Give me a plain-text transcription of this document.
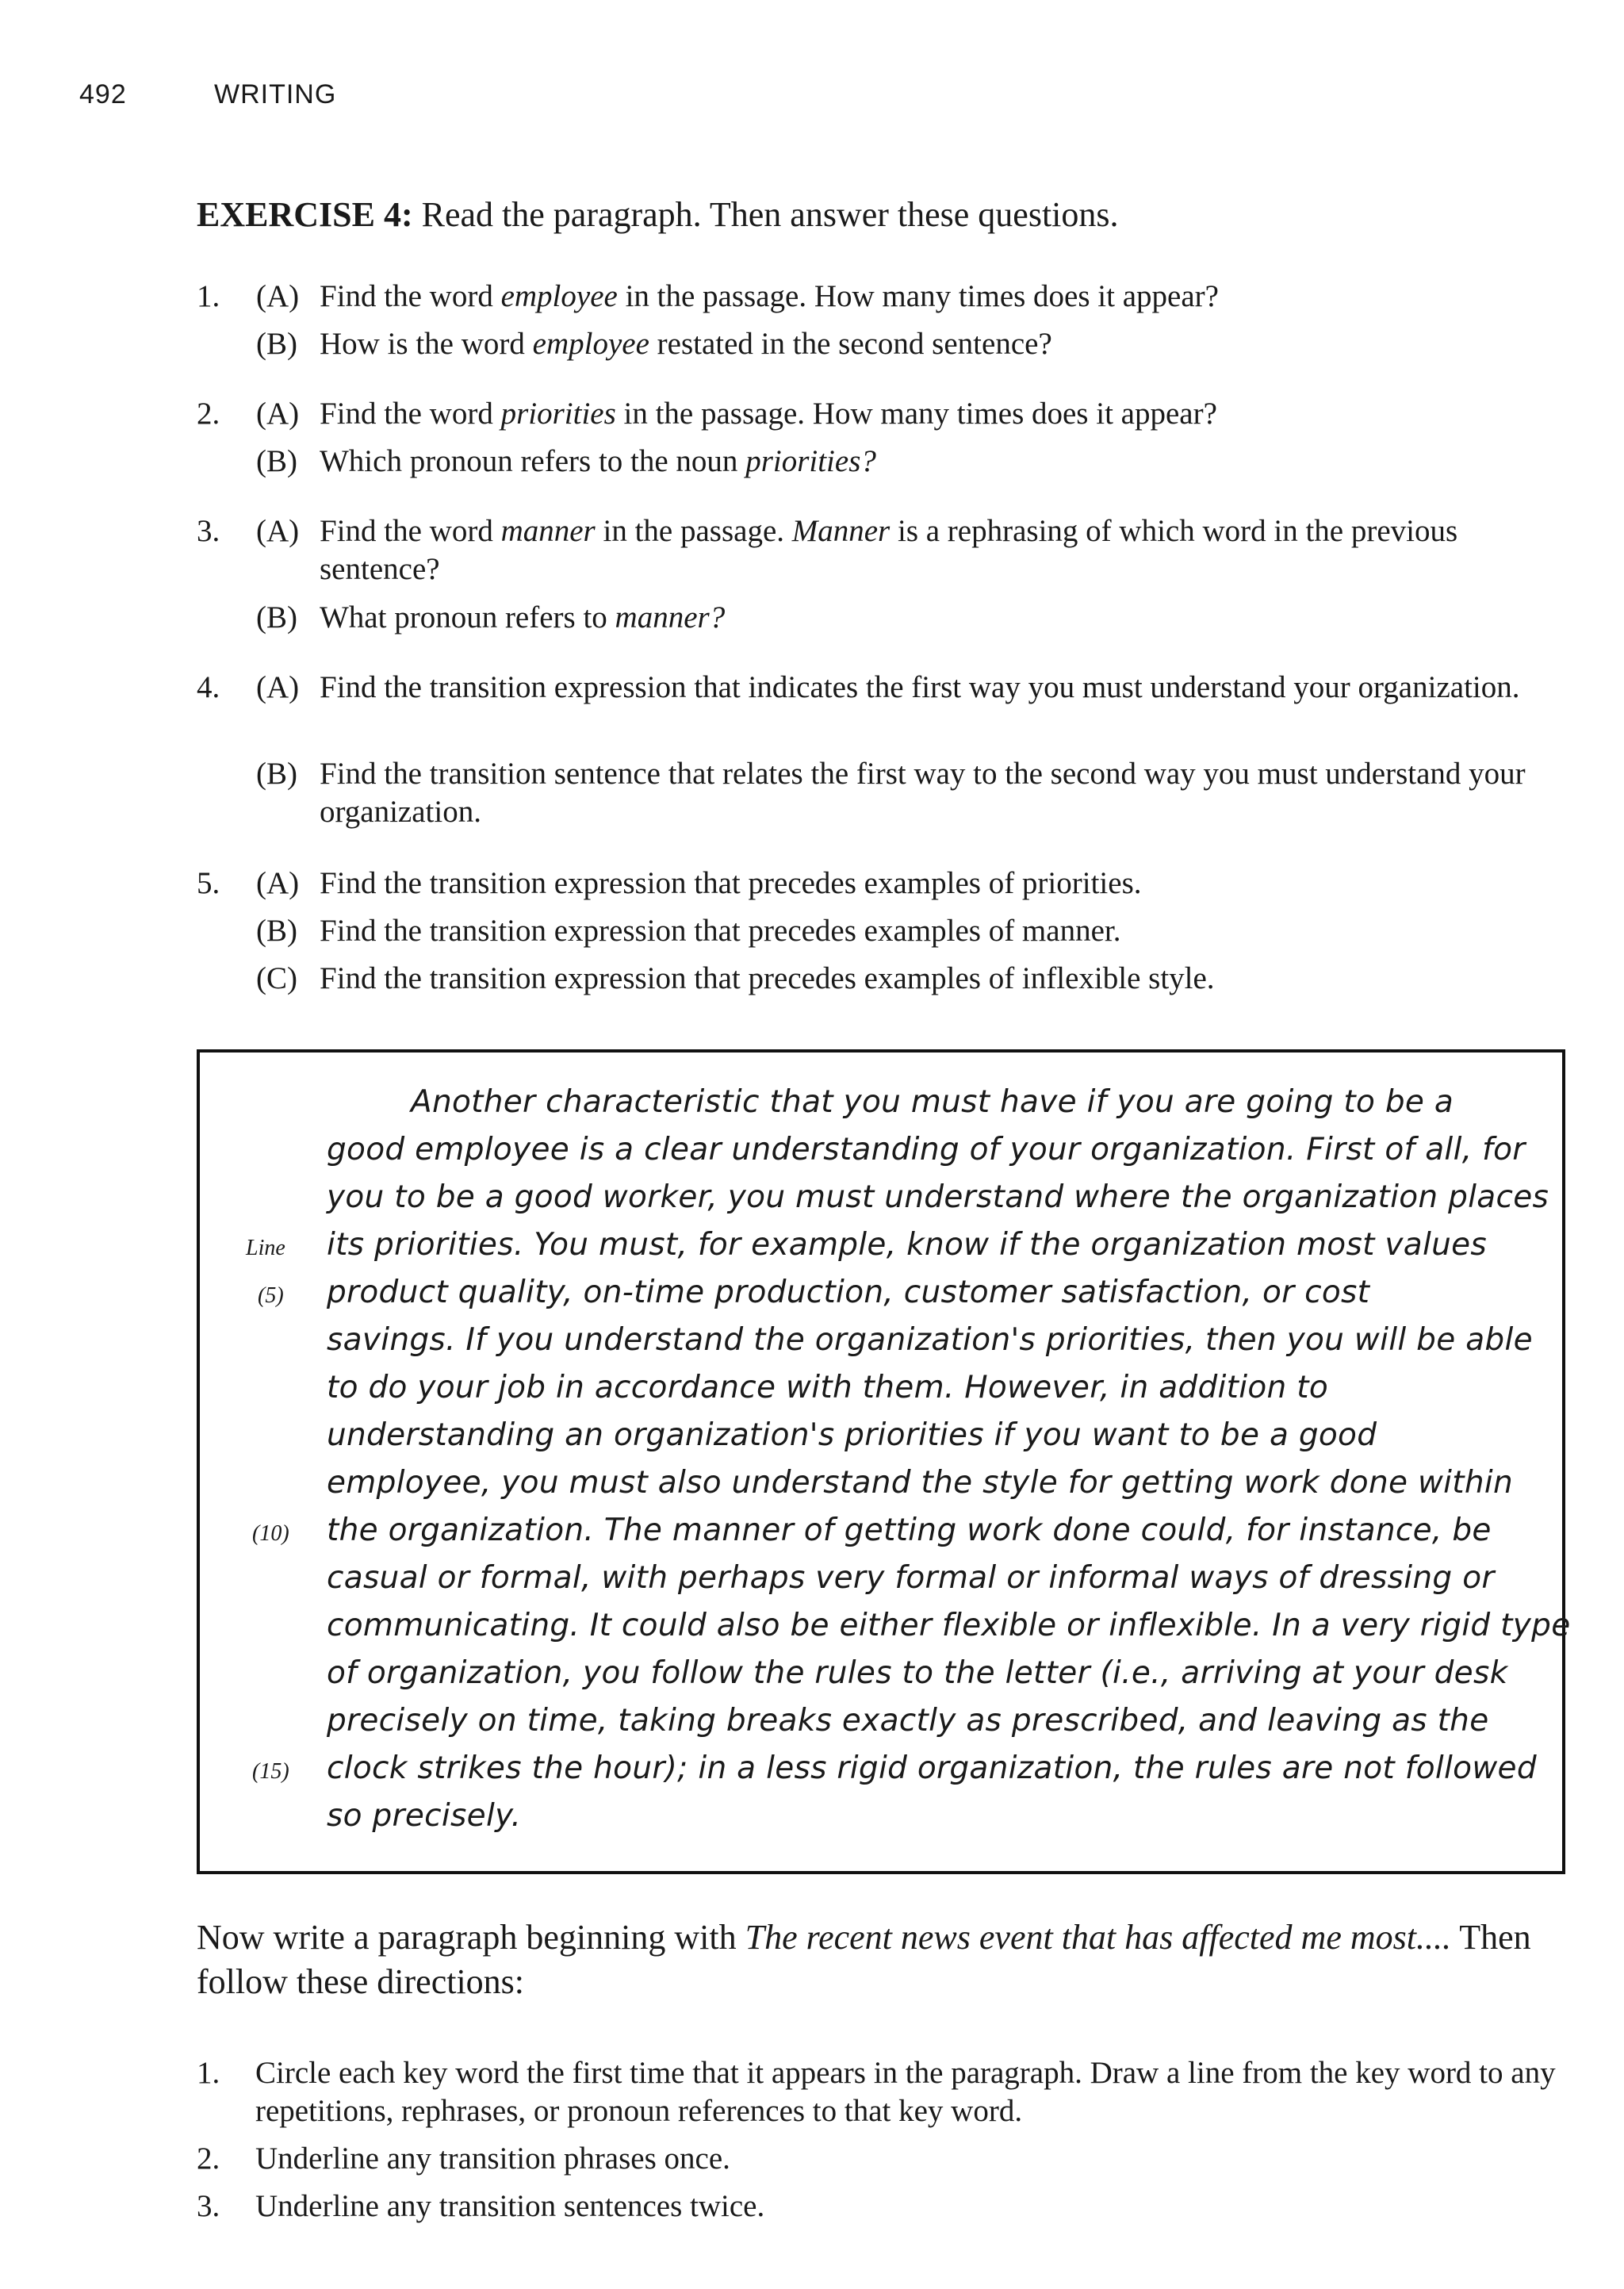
492	WRITING
EXERCISE 4: Read the paragraph. Then answer these questions.
1. (A) Find the word employee in the passage. How many times does it appear?
(B) How is the word employee restated in the second sentence?
2. (A) Find the word priorities in the passage. How many times does it appear?
(B) Which pronoun refers to the noun priorities?
3. (A) Find the word manner in the passage. Manner is a rephrasing of which word in the previous sentence?
(B) What pronoun refers to manner?
4. (A) Find the transition expression that indicates the first way you must understand your organization.
(B) Find the transition sentence that relates the first way to the second way you must understand your organization.
5. (A) Find the transition expression that precedes examples of priorities.
(B) Find the transition expression that precedes examples of manner.
(C) Find the transition expression that precedes examples of inflexible style.
Another characteristic that you must have if you are going to be a
good employee is a clear understanding of your organization. First of all, for
you to be a good worker, you must understand where the organization places
its priorities. You must, for example, know if the organization most values
product quality, on-time production, customer satisfaction, or cost
savings. If you understand the organization's priorities, then you will be able
to do your job in accordance with them. However, in addition to
understanding an organization's priorities if you want to be a good
employee, you must also understand the style for getting work done within
the organization. The manner of getting work done could, for instance, be
casual or formal, with perhaps very formal or informal ways of dressing or
communicating. It could also be either flexible or inflexible. In a very rigid type
of organization, you follow the rules to the letter (i.e., arriving at your desk
precisely on time, taking breaks exactly as prescribed, and leaving as the
clock strikes the hour); in a less rigid organization, the rules are not followed
so precisely.
Line
(5)
(10)
(15)
Now write a paragraph beginning with The recent news event that has affected me most.... Then follow these directions:
1. Circle each key word the first time that it appears in the paragraph. Draw a line from the key word to any repetitions, rephrases, or pronoun references to that key word.
2. Underline any transition phrases once.
3. Underline any transition sentences twice.
